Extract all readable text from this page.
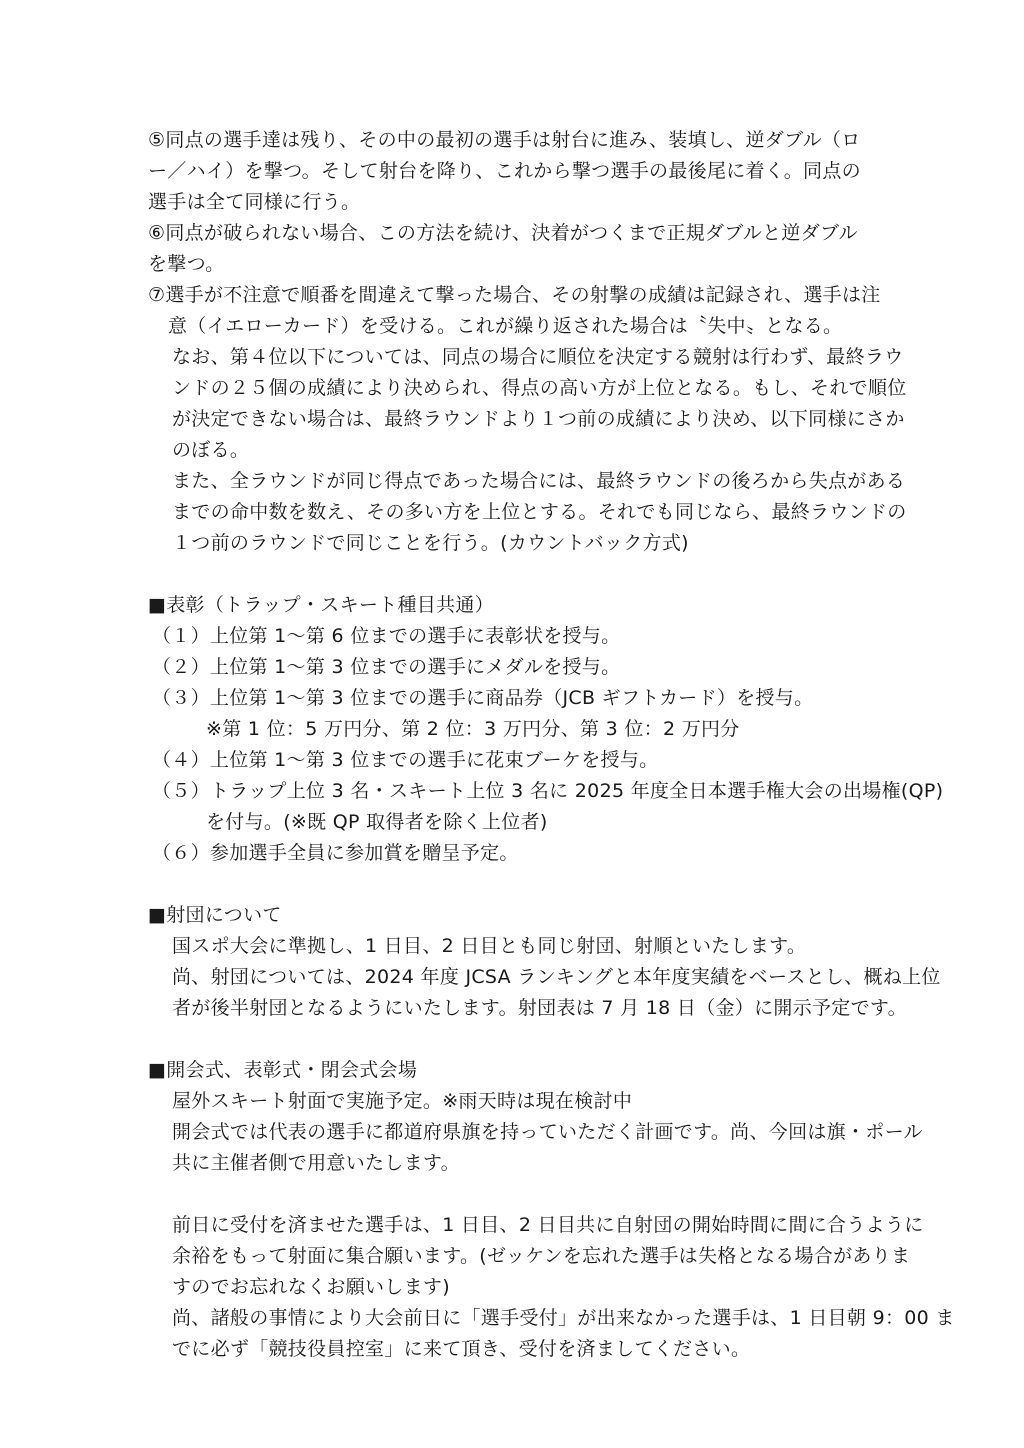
⑤同点の選手達は残り、その中の最初の選手は射台に進み、装填し、逆ダブル（ロ
ー／ハイ）を撃つ。そして射台を降り、これから撃つ選手の最後尾に着く。同点の
選手は全て同様に行う。
⑥同点が破られない場合、この方法を続け、決着がつくまで正規ダブルと逆ダブル
を撃つ。
⑦選手が不注意で順番を間違えて撃った場合、その射撃の成績は記録され、選手は注
意（イエローカード）を受ける。これが繰り返された場合は〝失中〟となる。
なお、第４位以下については、同点の場合に順位を決定する競射は行わず、最終ラウ
ンドの２５個の成績により決められ、得点の高い方が上位となる。もし、それで順位
が決定できない場合は、最終ラウンドより１つ前の成績により決め、以下同様にさか
のぼる。
また、全ラウンドが同じ得点であった場合には、最終ラウンドの後ろから失点がある
までの命中数を数え、その多い方を上位とする。それでも同じなら、最終ラウンドの
１つ前のラウンドで同じことを行う。(カウントバック方式)
■表彰（トラップ・スキート種目共通）
（１）上位第 1～第 6 位までの選手に表彰状を授与。
（２）上位第 1～第 3 位までの選手にメダルを授与。
（３）上位第 1～第 3 位までの選手に商品券（JCB ギフトカード）を授与。
※第 1 位：5 万円分、第 2 位：3 万円分、第 3 位：2 万円分
（４）上位第 1～第 3 位までの選手に花束ブーケを授与。
（５）トラップ上位 3 名・スキート上位 3 名に 2025 年度全日本選手権大会の出場権(QP)
を付与。(※既 QP 取得者を除く上位者)
（６）参加選手全員に参加賞を贈呈予定。
■射団について
国スポ大会に準拠し、1 日目、2 日目とも同じ射団、射順といたします。
尚、射団については、2024 年度 JCSA ランキングと本年度実績をベースとし、概ね上位
者が後半射団となるようにいたします。射団表は 7 月 18 日（金）に開示予定です。
■開会式、表彰式・閉会式会場
屋外スキート射面で実施予定。※雨天時は現在検討中
開会式では代表の選手に都道府県旗を持っていただく計画です。尚、今回は旗・ポール
共に主催者側で用意いたします。
前日に受付を済ませた選手は、1 日目、2 日目共に自射団の開始時間に間に合うように
余裕をもって射面に集合願います。(ゼッケンを忘れた選手は失格となる場合がありま
すのでお忘れなくお願いします)
尚、諸般の事情により大会前日に「選手受付」が出来なかった選手は、1 日目朝 9：00 ま
でに必ず「競技役員控室」に来て頂き、受付を済ましてください。
